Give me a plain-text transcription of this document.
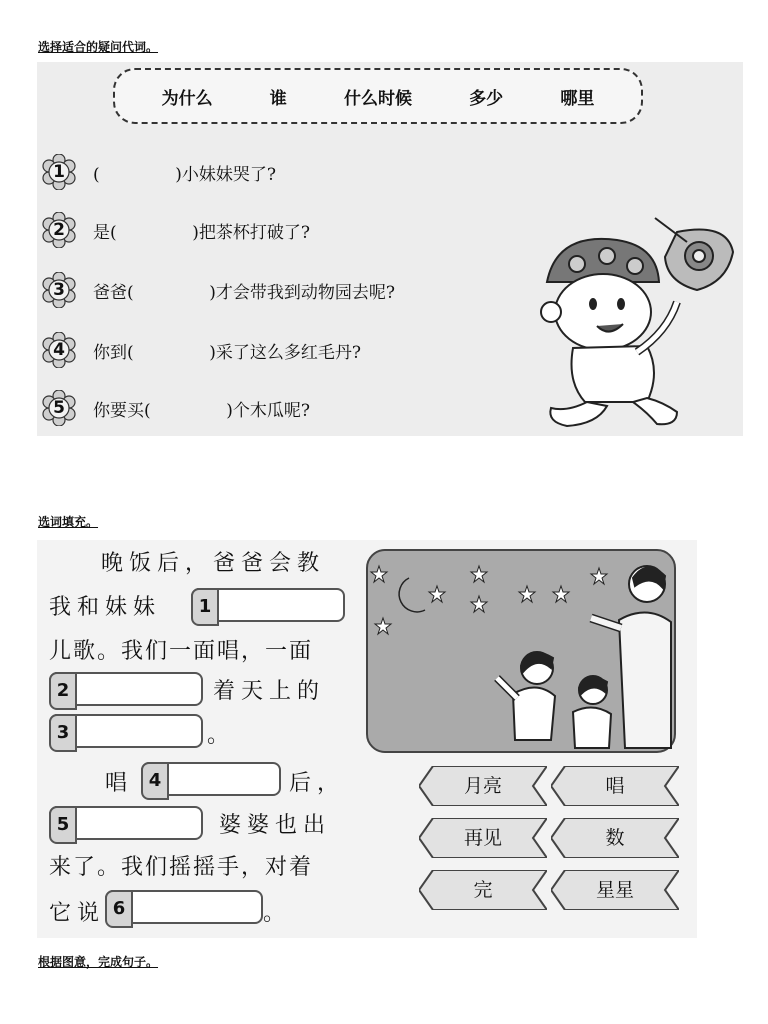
选择适合的疑问代词。
为什么	谁	什么时候	多少	哪里
1	(              )小妹妹哭了?
2	是(              )把茶杯打破了?
3	爸爸(              )才会带我到动物园去呢?
4	你到(              )采了这么多红毛丹?
5	你要买(              )个木瓜呢?
选词填充。
晚饭后，爸爸会教
我和妹妹	1
儿歌。我们一面唱，一面
2	着天上的
3	。
唱 4	后，
5	婆婆也出
来了。我们摇摇手，对着
它说 6	。
月亮	唱
再见	数
完	星星
根据图意，完成句子。
